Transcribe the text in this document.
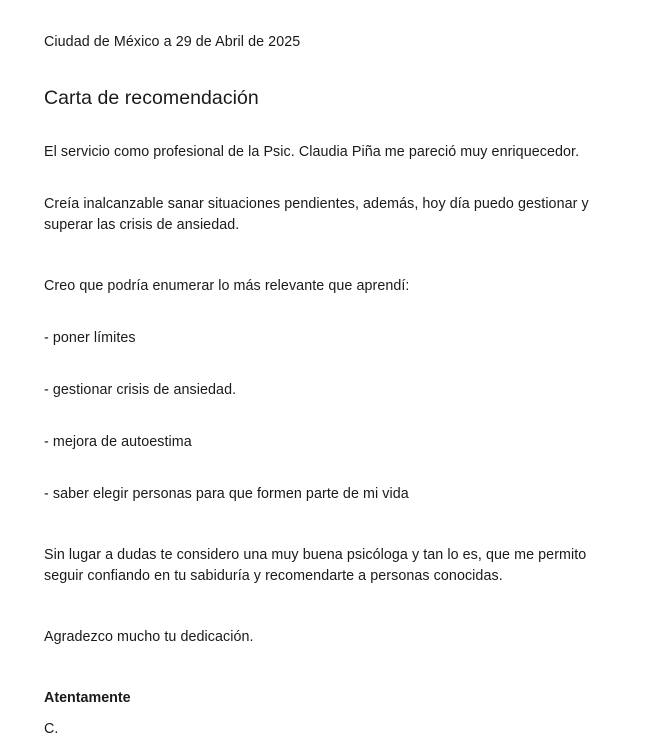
Ciudad de México a 29 de Abril de 2025

Carta de recomendación

El servicio como profesional de la Psic. Claudia Piña me pareció muy enriquecedor.

Creía inalcanzable sanar situaciones pendientes, además, hoy día puedo gestionar y superar las crisis de ansiedad.

Creo que podría enumerar lo más relevante que aprendí:

- poner límites
- gestionar crisis de ansiedad.
- mejora de autoestima
- saber elegir personas para que formen parte de mi vida

Sin lugar a dudas te considero una muy buena psicóloga y tan lo es, que me permito seguir confiando en tu sabiduría y recomendarte a personas conocidas.

Agradezco mucho tu dedicación.

Atentamente

C.
